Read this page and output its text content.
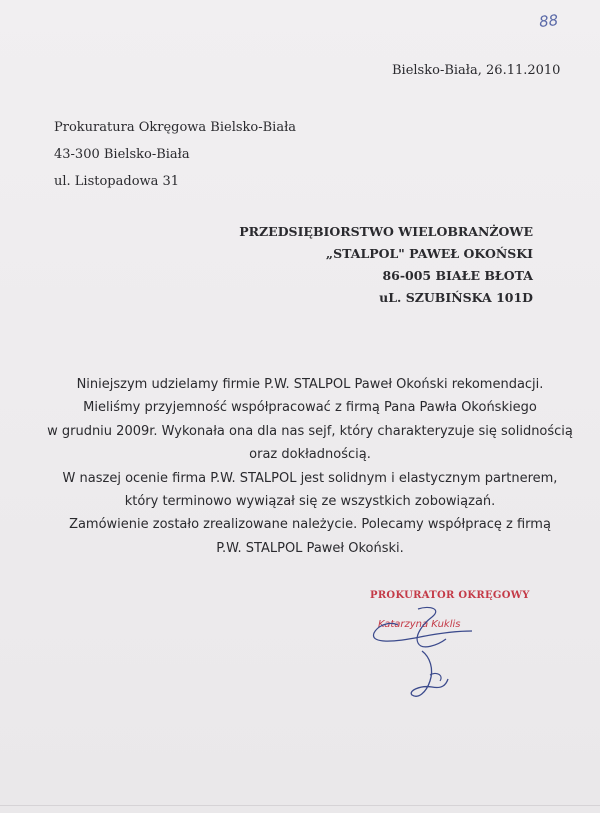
88
Bielsko-Biała, 26.11.2010
Prokuratura Okręgowa Bielsko-Biała
43-300 Bielsko-Biała
ul. Listopadowa 31
PRZEDSIĘBIORSTWO WIELOBRANŻOWE
„STALPOL" PAWEŁ OKOŃSKI
86-005 BIAŁE BŁOTA
uL. SZUBIŃSKA 101D
Niniejszym udzielamy firmie P.W. STALPOL Paweł Okoński rekomendacji.
Mieliśmy przyjemność współpracować z firmą Pana Pawła Okońskiego
w grudniu 2009r. Wykonała ona dla nas sejf, który charakteryzuje się solidnością
oraz dokładnością.
W naszej ocenie firma P.W. STALPOL jest solidnym i elastycznym partnerem,
który terminowo wywiązał się ze wszystkich zobowiązań.
Zamówienie zostało zrealizowane należycie. Polecamy współpracę z firmą
P.W. STALPOL Paweł Okoński.
PROKURATOR OKRĘGOWY
Katarzyna Kuklis
